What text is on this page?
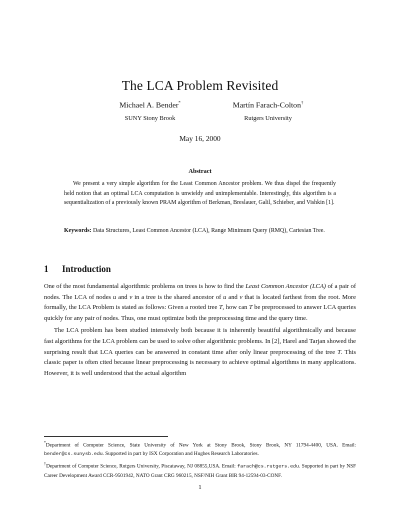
The LCA Problem Revisited
Michael A. Bender*
SUNY Stony Brook
Martín Farach-Colton†
Rutgers University
May 16, 2000
Abstract

We present a very simple algorithm for the Least Common Ancestor problem. We thus dispel the frequently held notion that an optimal LCA computation is unwieldy and unimplementable. Interestingly, this algorithm is a sequentialization of a previously known PRAM algorithm of Berkman, Breslauer, Galil, Schieber, and Vishkin [1].

Keywords: Data Structures, Least Common Ancestor (LCA), Range Minimum Query (RMQ), Cartesian Tree.
1 Introduction

One of the most fundamental algorithmic problems on trees is how to find the Least Common Ancestor (LCA) of a pair of nodes. The LCA of nodes u and v in a tree is the shared ancestor of u and v that is located farthest from the root. More formally, the LCA Problem is stated as follows: Given a rooted tree T, how can T be preprocessed to answer LCA queries quickly for any pair of nodes. Thus, one must optimize both the preprocessing time and the query time.

The LCA problem has been studied intensively both because it is inherently beautiful algorithmically and because fast algorithms for the LCA problem can be used to solve other algorithmic problems. In [2], Harel and Tarjan showed the surprising result that LCA queries can be answered in constant time after only linear preprocessing of the tree T. This classic paper is often cited because linear preprocessing is necessary to achieve optimal algorithms in many applications. However, it is well understood that the actual algorithm

*Department of Computer Science, State University of New York at Stony Brook, Stony Brook, NY 11794-4400, USA. Email: bender@cs.sunysb.edu. Supported in part by ISX Corporation and Hughes Research Laboratories.

†Department of Computer Science, Rutgers University, Piscataway, NJ 08855,USA. Email: farach@cs.rutgers.edu. Supported in part by NSF Career Development Award CCR-9501942, NATO Grant CRG 960215, NSF/NIH Grant BIR 94-12594-03-CONF.

1
